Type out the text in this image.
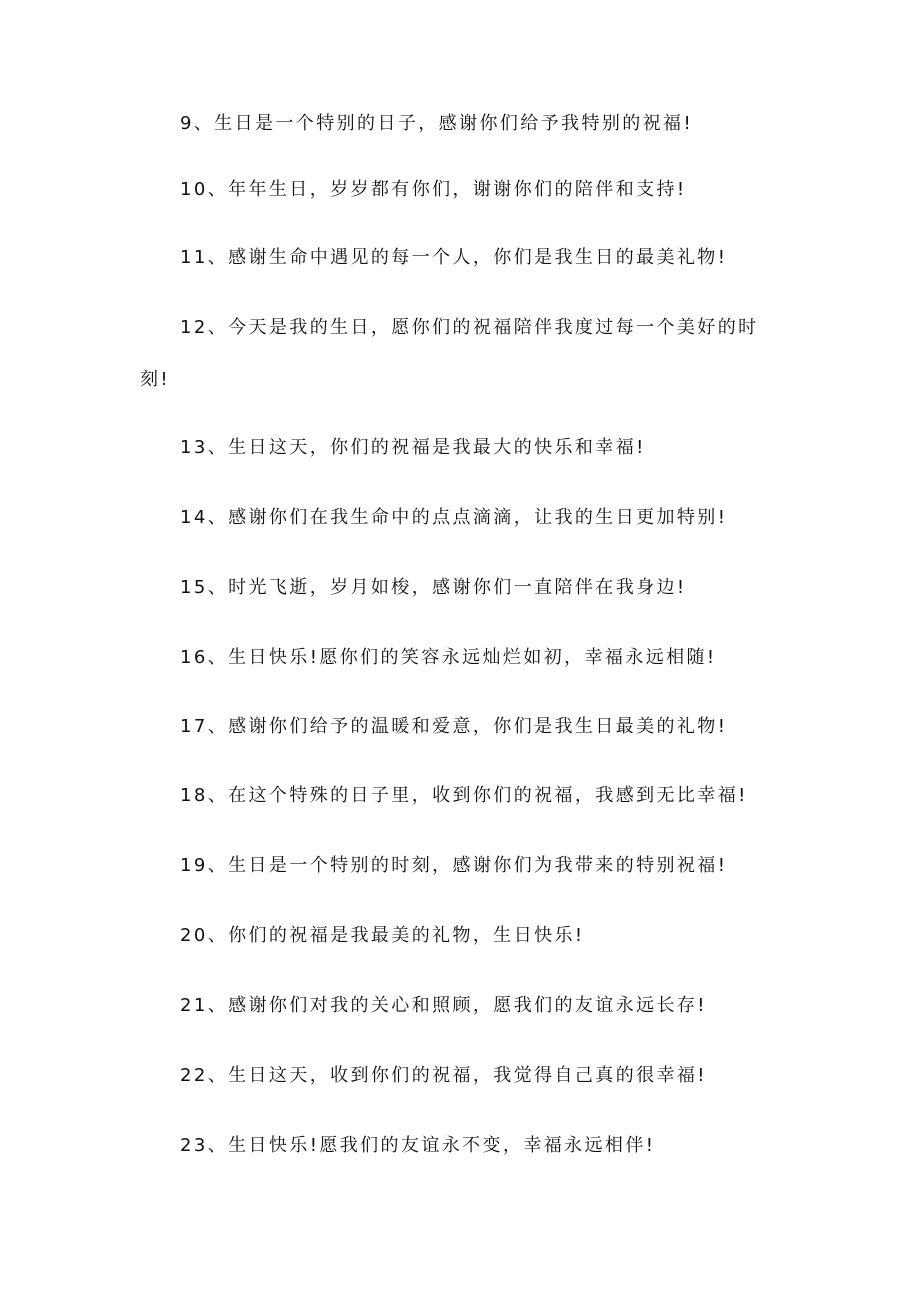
9、生日是一个特别的日子，感谢你们给予我特别的祝福!
10、年年生日，岁岁都有你们，谢谢你们的陪伴和支持!
11、感谢生命中遇见的每一个人，你们是我生日的最美礼物!
12、今天是我的生日，愿你们的祝福陪伴我度过每一个美好的时
刻!
13、生日这天，你们的祝福是我最大的快乐和幸福!
14、感谢你们在我生命中的点点滴滴，让我的生日更加特别!
15、时光飞逝，岁月如梭，感谢你们一直陪伴在我身边!
16、生日快乐!愿你们的笑容永远灿烂如初，幸福永远相随!
17、感谢你们给予的温暖和爱意，你们是我生日最美的礼物!
18、在这个特殊的日子里，收到你们的祝福，我感到无比幸福!
19、生日是一个特别的时刻，感谢你们为我带来的特别祝福!
20、你们的祝福是我最美的礼物，生日快乐!
21、感谢你们对我的关心和照顾，愿我们的友谊永远长存!
22、生日这天，收到你们的祝福，我觉得自己真的很幸福!
23、生日快乐!愿我们的友谊永不变，幸福永远相伴!
